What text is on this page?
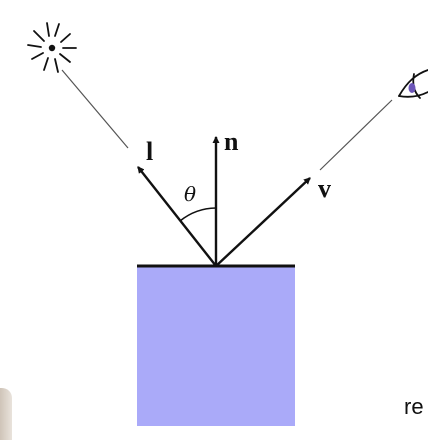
l	n
v
θ
re
